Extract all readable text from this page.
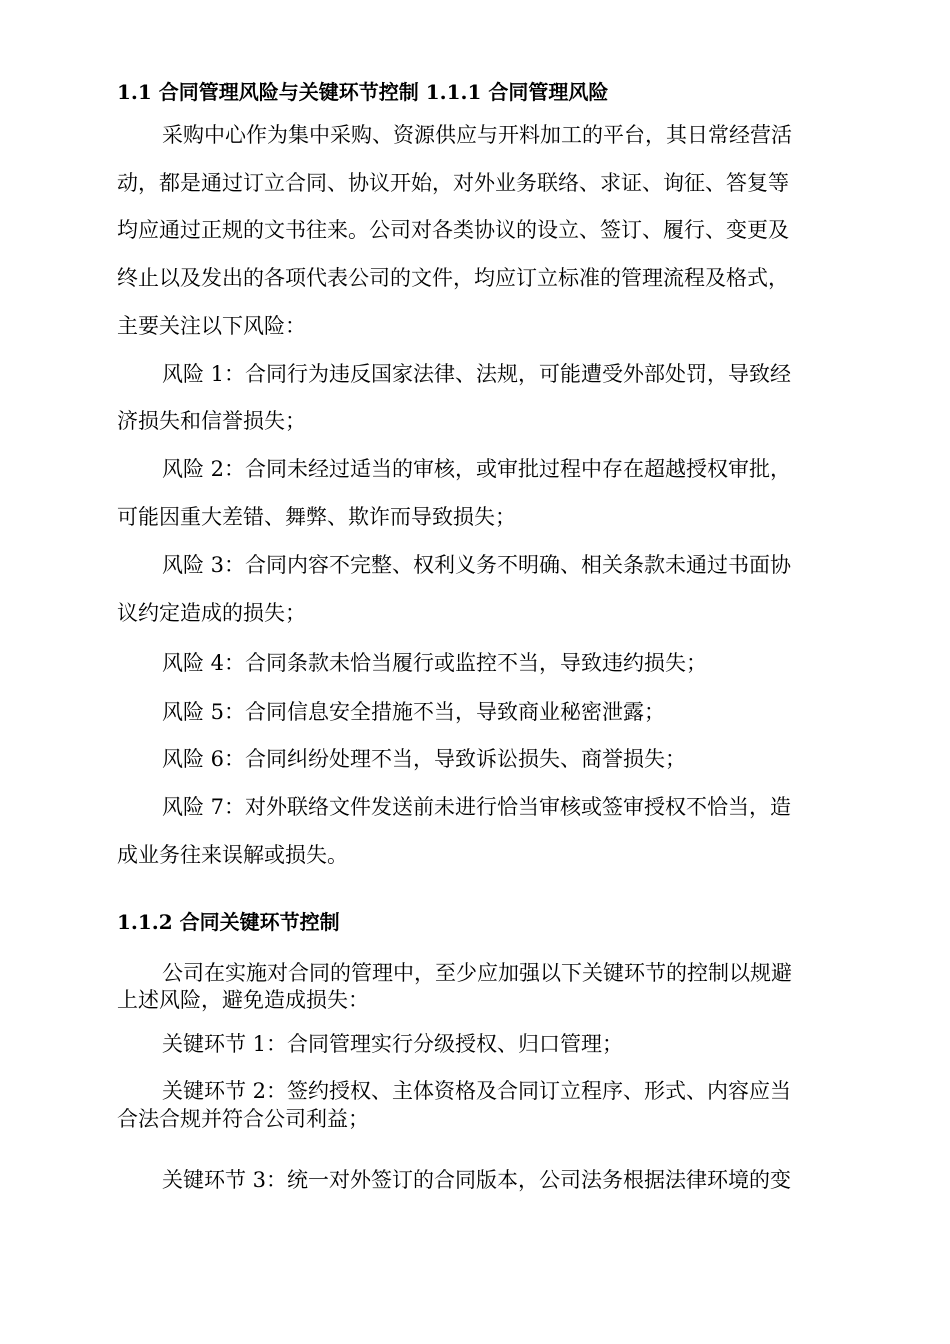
1.1 合同管理风险与关键环节控制 1.1.1 合同管理风险
采购中心作为集中采购、资源供应与开料加工的平台，其日常经营活
动，都是通过订立合同、协议开始，对外业务联络、求证、询征、答复等
均应通过正规的文书往来。公司对各类协议的设立、签订、履行、变更及
终止以及发出的各项代表公司的文件，均应订立标准的管理流程及格式，
主要关注以下风险：
风险 1：合同行为违反国家法律、法规，可能遭受外部处罚，导致经
济损失和信誉损失；
风险 2：合同未经过适当的审核，或审批过程中存在超越授权审批，
可能因重大差错、舞弊、欺诈而导致损失；
风险 3：合同内容不完整、权利义务不明确、相关条款未通过书面协
议约定造成的损失；
风险 4：合同条款未恰当履行或监控不当，导致违约损失；
风险 5：合同信息安全措施不当，导致商业秘密泄露；
风险 6：合同纠纷处理不当，导致诉讼损失、商誉损失；
风险 7：对外联络文件发送前未进行恰当审核或签审授权不恰当，造
成业务往来误解或损失。
1.1.2 合同关键环节控制
公司在实施对合同的管理中，至少应加强以下关键环节的控制以规避
上述风险，避免造成损失：
关键环节 1：合同管理实行分级授权、归口管理；
关键环节 2：签约授权、主体资格及合同订立程序、形式、内容应当
合法合规并符合公司利益；
关键环节 3：统一对外签订的合同版本，公司法务根据法律环境的变
